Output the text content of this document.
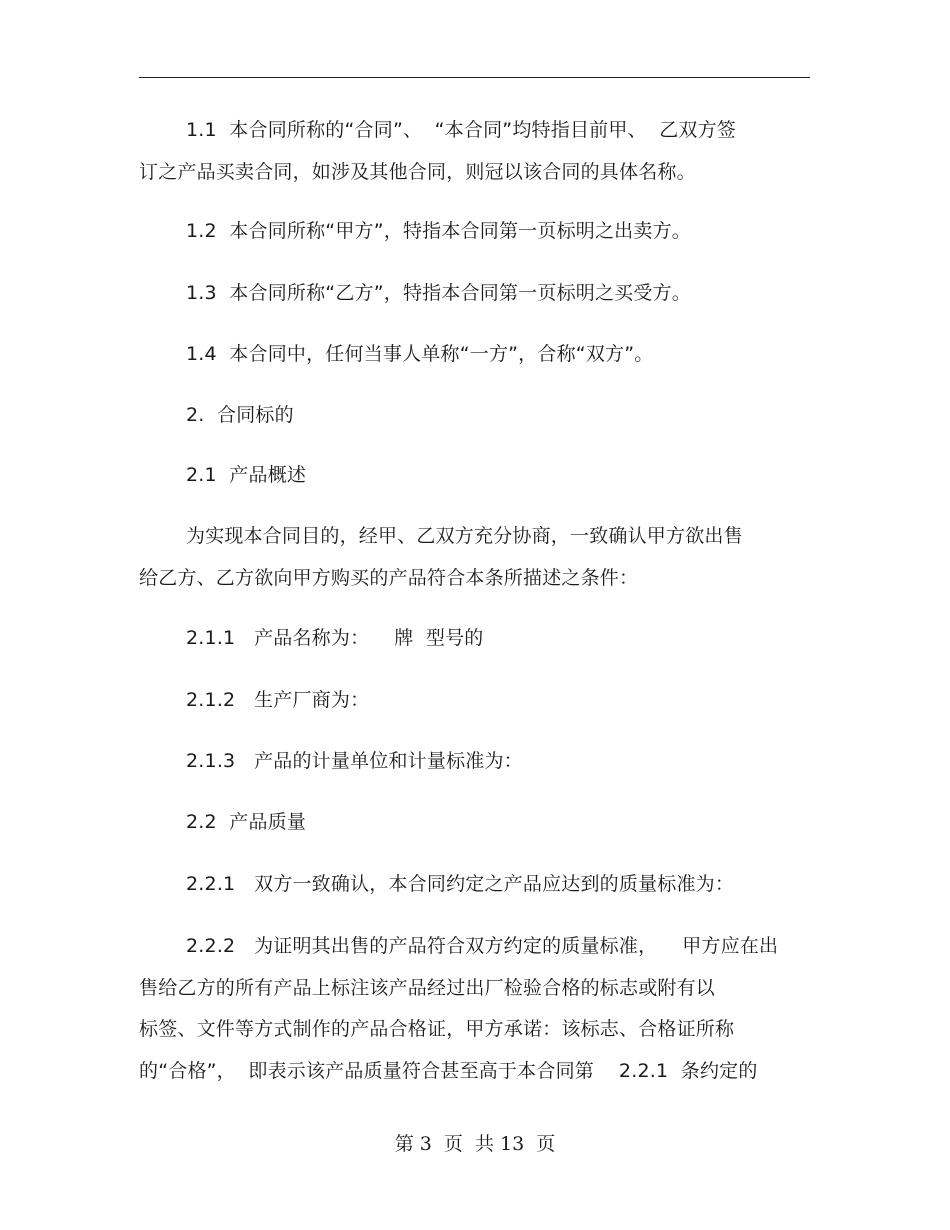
1.1  本合同所称的“合同”、  “本合同”均特指目前甲、  乙双方签
订之产品买卖合同，如涉及其他合同，则冠以该合同的具体名称。
1.2  本合同所称“甲方”，特指本合同第一页标明之出卖方。
1.3  本合同所称“乙方”，特指本合同第一页标明之买受方。
1.4  本合同中，任何当事人单称“一方”，合称“双方”。
2.  合同标的
2.1  产品概述
为实现本合同目的，经甲、乙双方充分协商，一致确认甲方欲出售
给乙方、乙方欲向甲方购买的产品符合本条所描述之条件：
2.1.1   产品名称为：    牌  型号的
2.1.2   生产厂商为：
2.1.3   产品的计量单位和计量标准为：
2.2  产品质量
2.2.1   双方一致确认，本合同约定之产品应达到的质量标准为：
2.2.2   为证明其出售的产品符合双方约定的质量标准，    甲方应在出
售给乙方的所有产品上标注该产品经过出厂检验合格的标志或附有以
标签、文件等方式制作的产品合格证，甲方承诺：该标志、合格证所称
的“合格”，  即表示该产品质量符合甚至高于本合同第    2.2.1  条约定的
第 3  页  共 13  页
